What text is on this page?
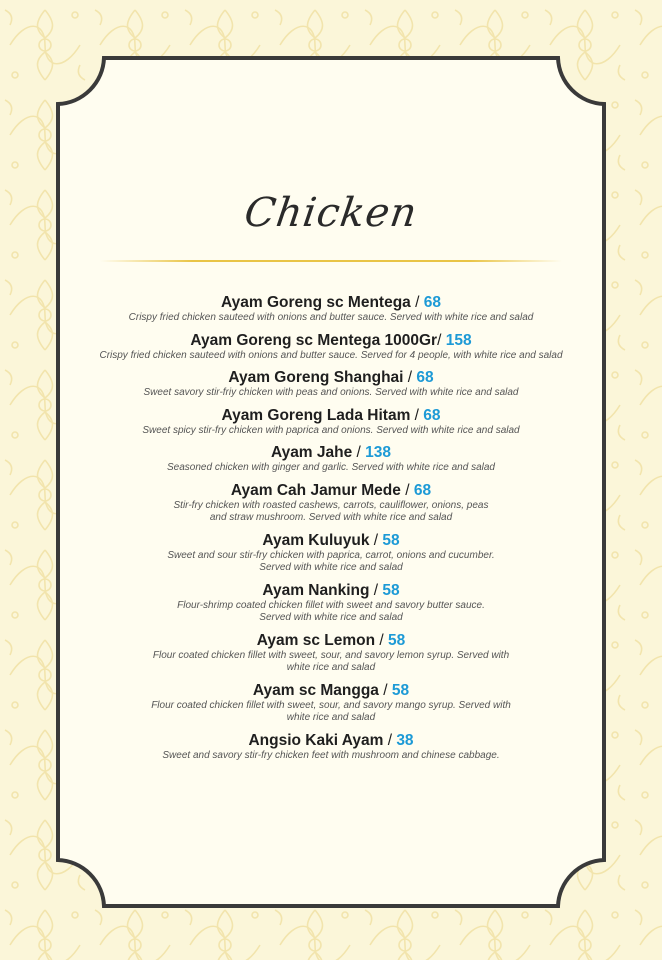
Chicken
Ayam Goreng sc Mentega / 68
Crispy fried chicken sauteed with onions and butter sauce. Served with white rice and salad
Ayam Goreng sc Mentega 1000Gr/ 158
Crispy fried chicken sauteed with onions and butter sauce. Served for 4 people, with white rice and salad
Ayam Goreng Shanghai / 68
Sweet savory stir-friy chicken with peas and onions. Served with white rice and salad
Ayam Goreng Lada Hitam / 68
Sweet spicy stir-fry chicken with paprica and onions. Served with white rice and salad
Ayam Jahe / 138
Seasoned chicken with ginger and garlic. Served with white rice and salad
Ayam Cah Jamur Mede / 68
Stir-fry chicken with roasted cashews, carrots, cauliflower, onions, peas
and straw mushroom. Served with white rice and salad
Ayam Kuluyuk / 58
Sweet and sour stir-fry chicken with paprica, carrot, onions and cucumber.
Served with white rice and salad
Ayam Nanking / 58
Flour-shrimp coated chicken fillet with sweet and savory butter sauce.
Served with white rice and salad
Ayam sc Lemon / 58
Flour coated chicken fillet with sweet, sour, and savory lemon syrup. Served with
white rice and salad
Ayam sc Mangga / 58
Flour coated chicken fillet with sweet, sour, and savory mango syrup. Served with
white rice and salad
Angsio Kaki Ayam / 38
Sweet and savory stir-fry chicken feet with mushroom and chinese cabbage.
